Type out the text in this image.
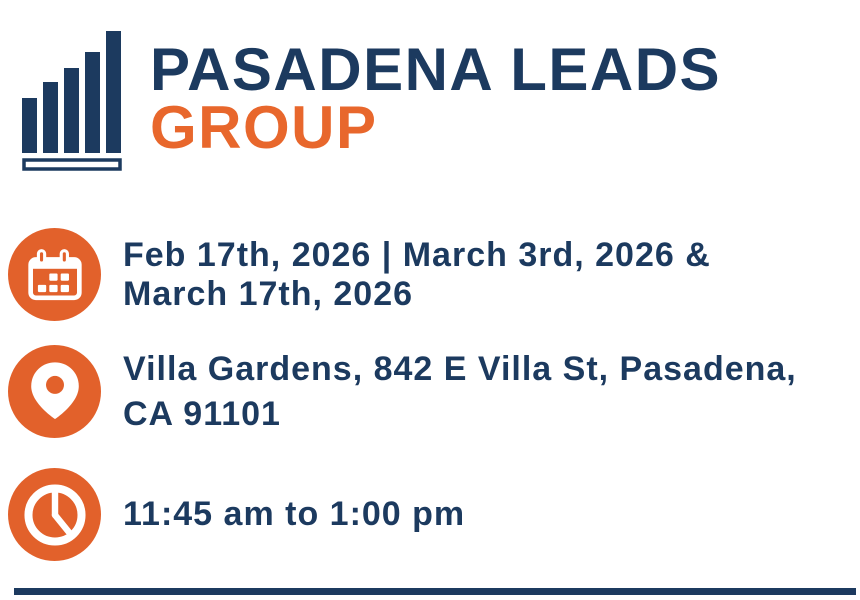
PASADENA LEADS
GROUP
Feb 17th, 2026 | March 3rd, 2026 &
March 17th, 2026
Villa Gardens, 842 E Villa St, Pasadena,
CA 91101
11:45 am to 1:00 pm
